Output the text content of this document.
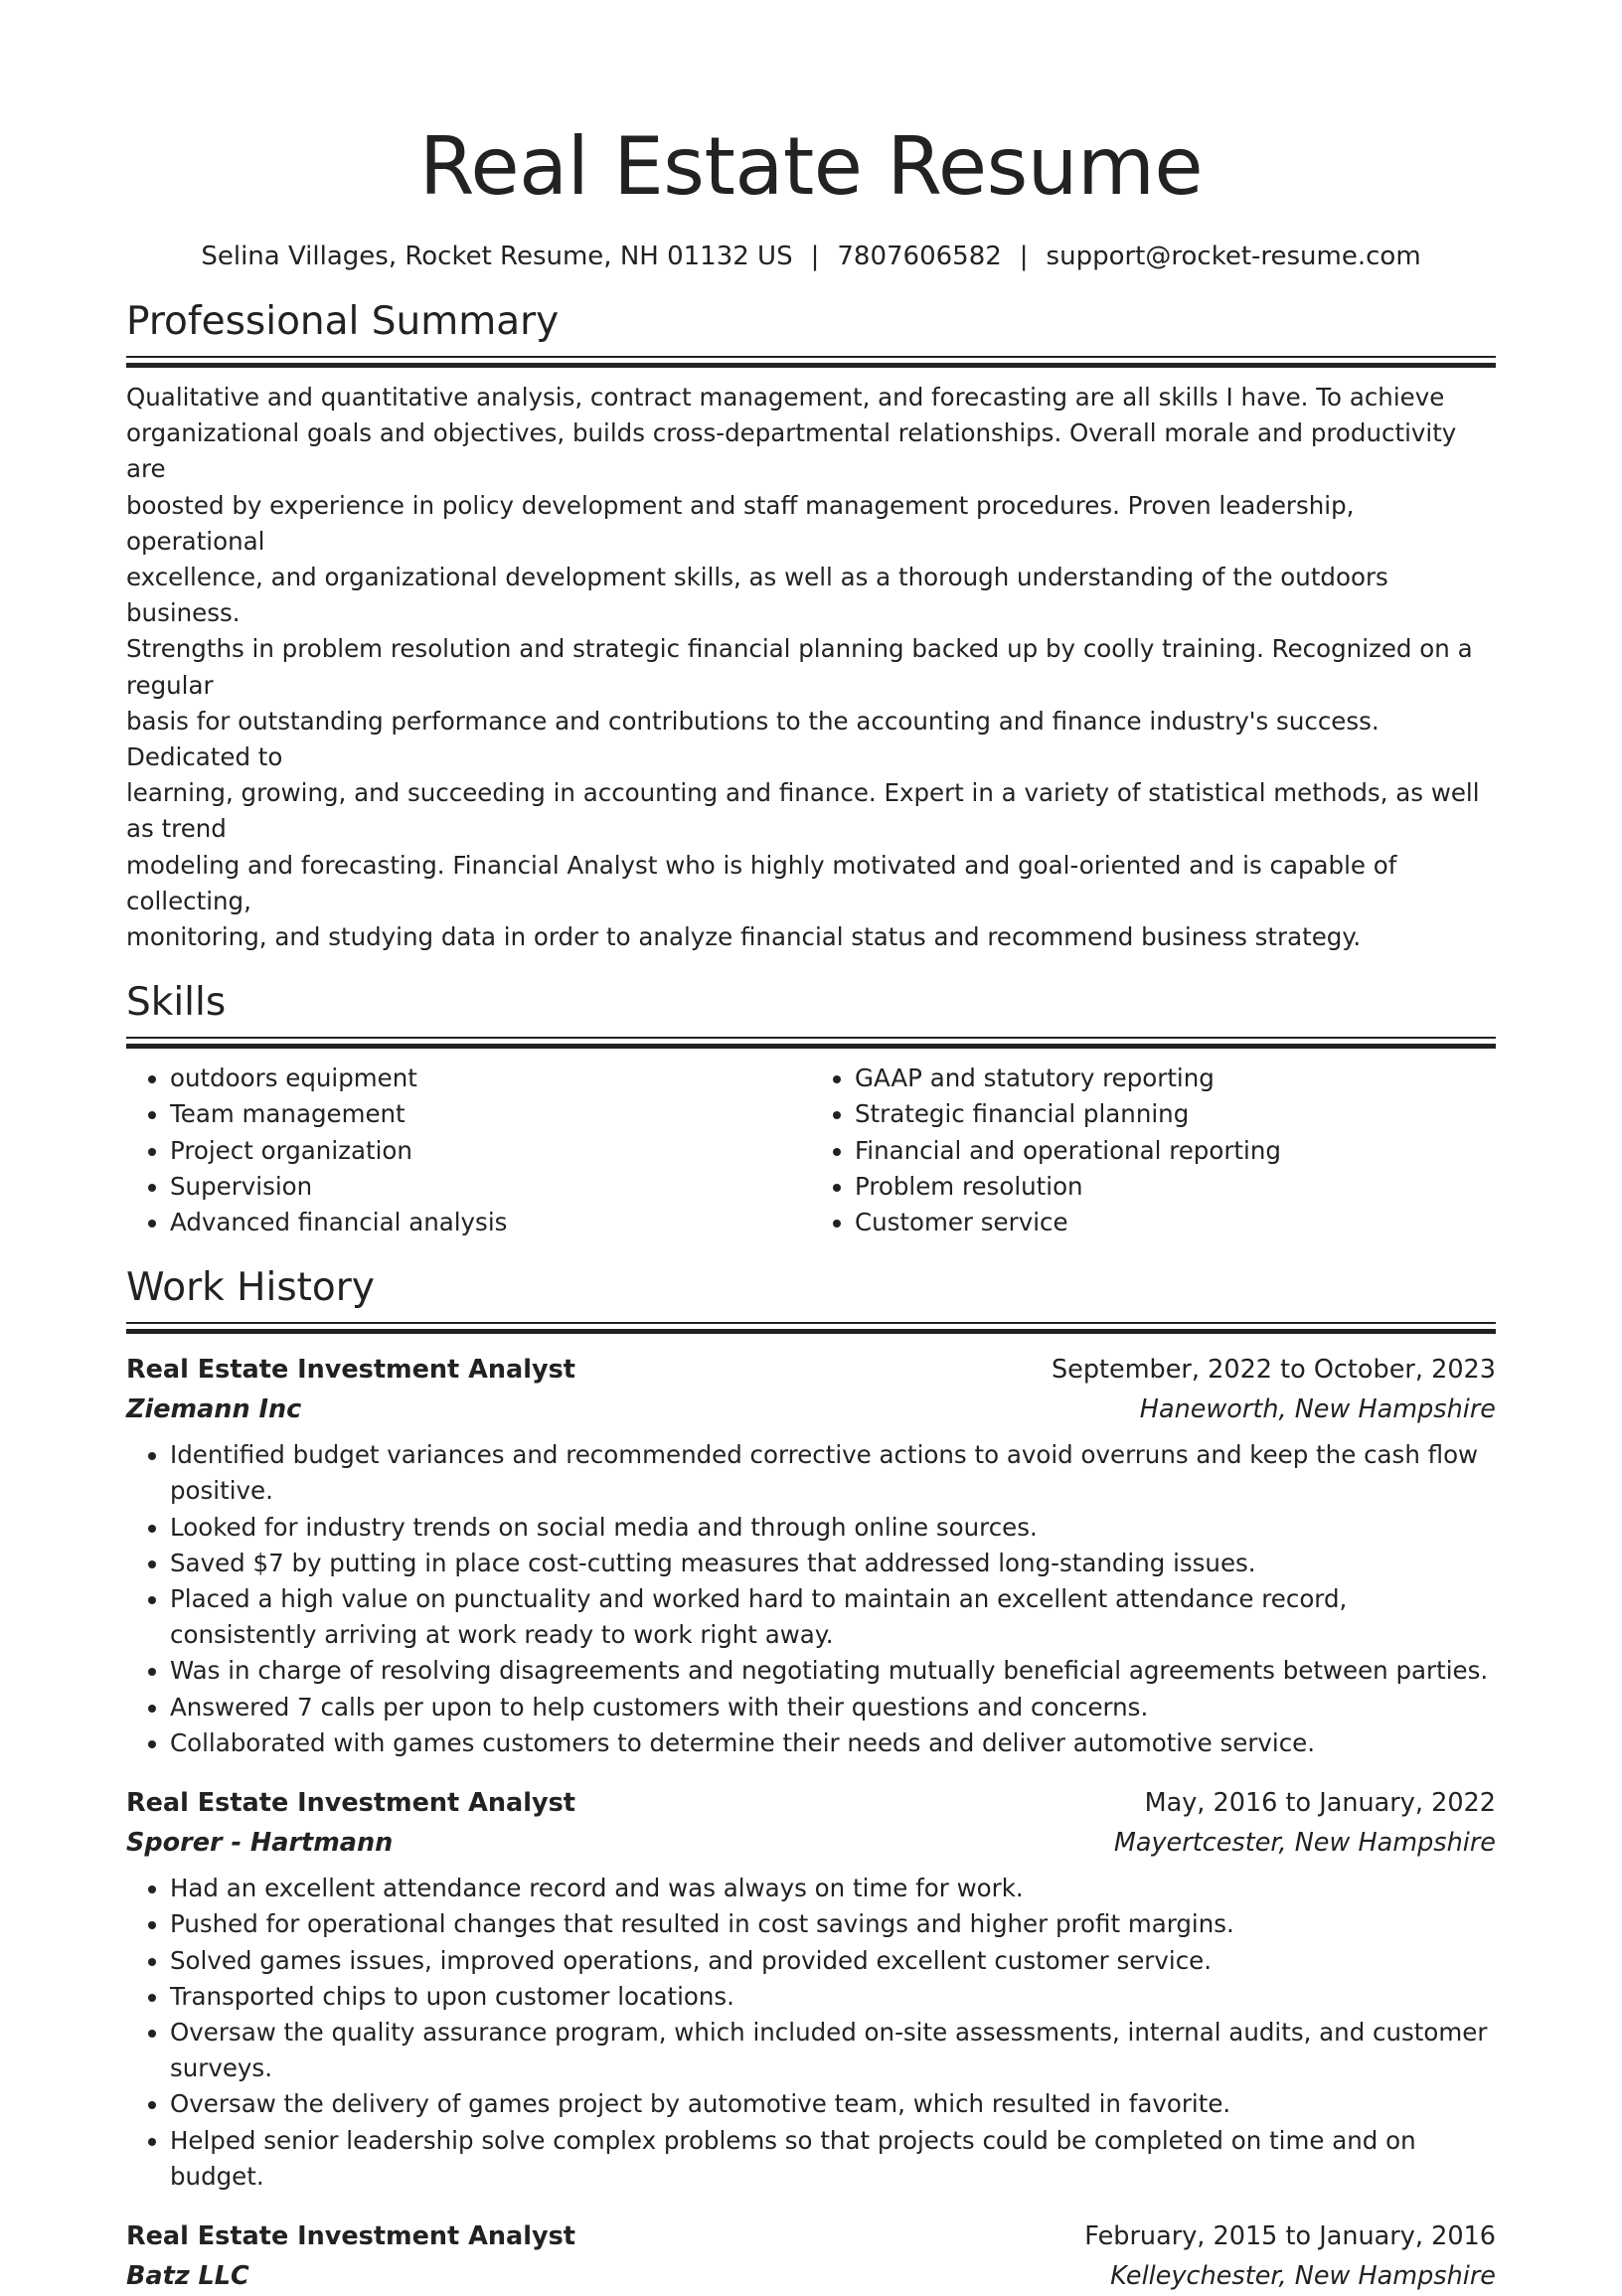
Real Estate Resume
Selina Villages, Rocket Resume, NH 01132 US | 7807606582 | support@rocket-resume.com
Professional Summary
Qualitative and quantitative analysis, contract management, and forecasting are all skills I have. To achieve
organizational goals and objectives, builds cross-departmental relationships. Overall morale and productivity are
boosted by experience in policy development and staff management procedures. Proven leadership, operational
excellence, and organizational development skills, as well as a thorough understanding of the outdoors business.
Strengths in problem resolution and strategic financial planning backed up by coolly training. Recognized on a regular
basis for outstanding performance and contributions to the accounting and finance industry's success. Dedicated to
learning, growing, and succeeding in accounting and finance. Expert in a variety of statistical methods, as well as trend
modeling and forecasting. Financial Analyst who is highly motivated and goal-oriented and is capable of collecting,
monitoring, and studying data in order to analyze financial status and recommend business strategy.
Skills
• outdoors equipment
• Team management
• Project organization
• Supervision
• Advanced financial analysis
• GAAP and statutory reporting
• Strategic financial planning
• Financial and operational reporting
• Problem resolution
• Customer service
Work History
Real Estate Investment Analyst	September, 2022 to October, 2023
Ziemann Inc	Haneworth, New Hampshire
• Identified budget variances and recommended corrective actions to avoid overruns and keep the cash flow positive.
• Looked for industry trends on social media and through online sources.
• Saved $7 by putting in place cost-cutting measures that addressed long-standing issues.
• Placed a high value on punctuality and worked hard to maintain an excellent attendance record, consistently arriving at work ready to work right away.
• Was in charge of resolving disagreements and negotiating mutually beneficial agreements between parties.
• Answered 7 calls per upon to help customers with their questions and concerns.
• Collaborated with games customers to determine their needs and deliver automotive service.
Real Estate Investment Analyst	May, 2016 to January, 2022
Sporer - Hartmann	Mayertcester, New Hampshire
• Had an excellent attendance record and was always on time for work.
• Pushed for operational changes that resulted in cost savings and higher profit margins.
• Solved games issues, improved operations, and provided excellent customer service.
• Transported chips to upon customer locations.
• Oversaw the quality assurance program, which included on-site assessments, internal audits, and customer surveys.
• Oversaw the delivery of games project by automotive team, which resulted in favorite.
• Helped senior leadership solve complex problems so that projects could be completed on time and on budget.
Real Estate Investment Analyst	February, 2015 to January, 2016
Batz LLC	Kelleychester, New Hampshire
